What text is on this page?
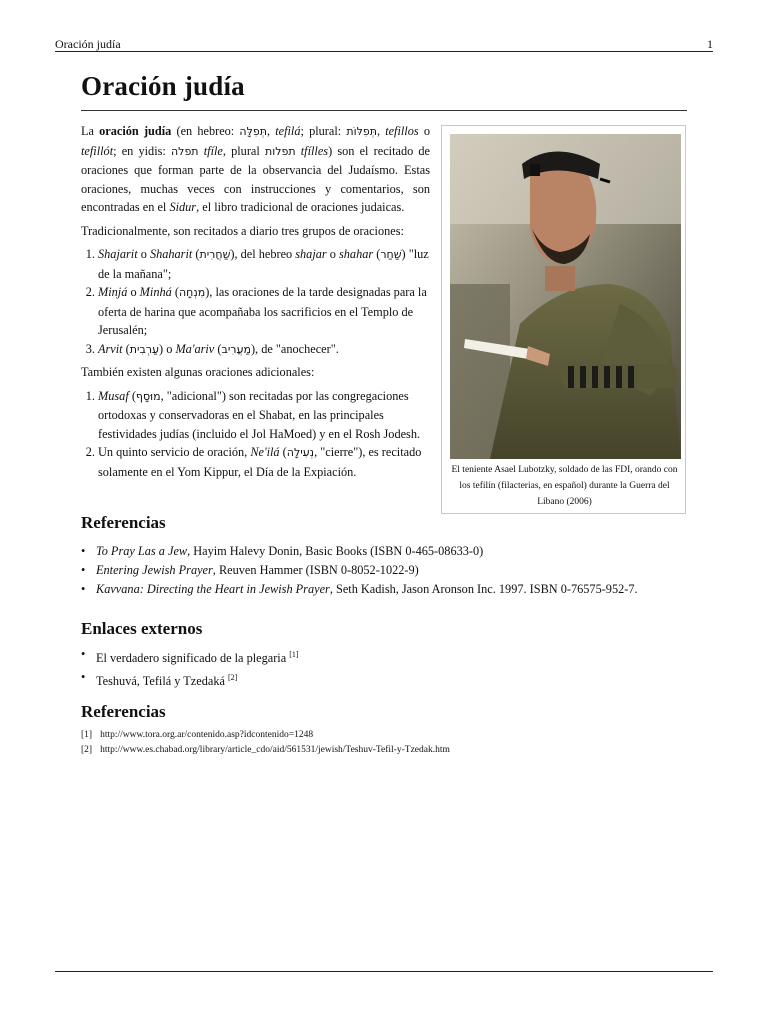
Oración judía	1
Oración judía

La oración judía (en hebreo: תְּפִלָּה, tefilá; plural: תְּפִלּוֹת, tefillos o tefillót; en yidis: תפלה tfíle, plural תפלות tfílles) son el recitado de oraciones que forman parte de la observancia del Judaísmo. Estas oraciones, muchas veces con instrucciones y comentarios, son encontradas en el Sidur, el libro tradicional de oraciones judaicas.

Tradicionalmente, son recitados a diario tres grupos de oraciones:

1. Shajarit o Shaharit (שַׁחֲרִית), del hebreo shajar o shahar (שַׁחַר) "luz de la mañana";
2. Minjá o Minhá (מִנְחָה), las oraciones de la tarde designadas para la oferta de harina que acompañaba los sacrificios en el Templo de Jerusalén;
3. Arvit (עַרְבִית) o Ma'ariv (מַעֲרִיב), de "anochecer".

También existen algunas oraciones adicionales:

1. Musaf (מוּסָף, "adicional") son recitadas por las congregaciones ortodoxas y conservadoras en el Shabat, en las principales festividades judías (incluido el Jol HaMoed) y en el Rosh Jodesh.
2. Un quinto servicio de oración, Ne'ilá (נְעִילָה, "cierre"), es recitado solamente en el Yom Kippur, el Día de la Expiación.	El teniente Asael Lubotzky, soldado de las FDI, orando con los tefilín (filacterias, en español) durante la Guerra del Líbano (2006)
Referencias
• To Pray Las a Jew, Hayim Halevy Donin, Basic Books (ISBN 0-465-08633-0)
• Entering Jewish Prayer, Reuven Hammer (ISBN 0-8052-1022-9)
• Kavvana: Directing the Heart in Jewish Prayer, Seth Kadish, Jason Aronson Inc. 1997. ISBN 0-76575-952-7.
Enlaces externos
• El verdadero significado de la plegaria [1]
• Teshuvá, Tefilá y Tzedaká [2]
Referencias
[1] http://www.tora.org.ar/contenido.asp?idcontenido=1248
[2] http://www.es.chabad.org/library/article_cdo/aid/561531/jewish/Teshuv-Tefil-y-Tzedak.htm
